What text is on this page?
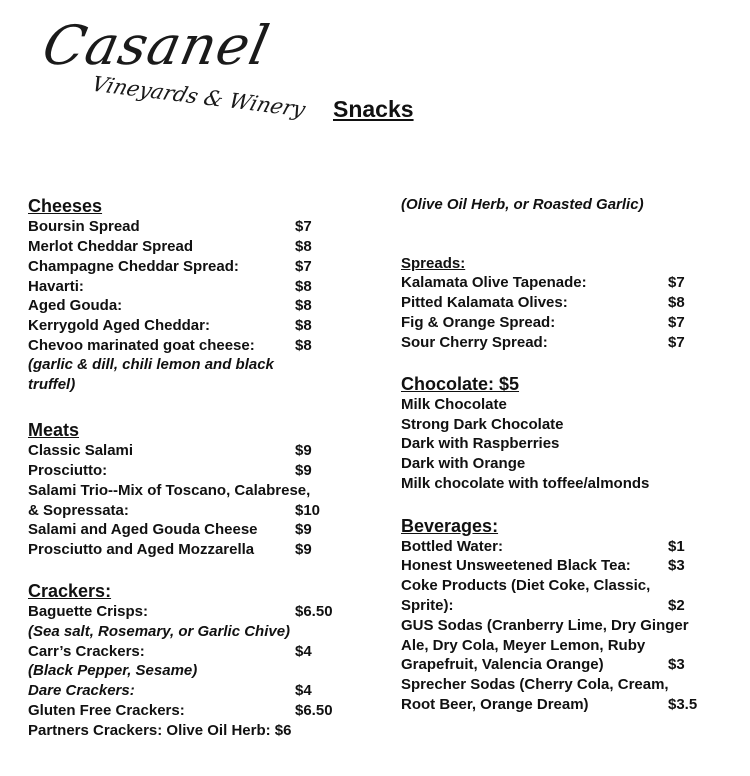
Casanel
Vineyards & Winery Snacks
Cheeses
Boursin Spread	$7
Merlot Cheddar Spread	$8
Champagne Cheddar Spread:	$7
Havarti:	$8
Aged Gouda:	$8
Kerrygold Aged Cheddar:	$8
Chevoo marinated goat cheese:	$8
(garlic & dill, chili lemon and black
truffel)
Meats
Classic Salami	$9
Prosciutto:	$9
Salami Trio--Mix of Toscano, Calabrese,
& Sopressata:	$10
Salami and Aged Gouda Cheese $9
Prosciutto and Aged Mozzarella	$9
Crackers:
Baguette Crisps:	$6.50
(Sea salt, Rosemary, or Garlic Chive)
Carr’s Crackers:	$4
(Black Pepper, Sesame)
Dare Crackers:	$4
Gluten Free Crackers:	$6.50
Partners Crackers: Olive Oil Herb: $6
(Olive Oil Herb, or Roasted Garlic)
Spreads:
Kalamata Olive Tapenade:	$7
Pitted Kalamata Olives:	$8
Fig & Orange Spread:	$7
Sour Cherry Spread:	$7
Chocolate: $5
Milk Chocolate
Strong Dark Chocolate
Dark with Raspberries
Dark with Orange
Milk chocolate with toffee/almonds
Beverages:
Bottled Water:	$1
Honest Unsweetened Black Tea: $3
Coke Products (Diet Coke, Classic,
Sprite):	$2
GUS Sodas (Cranberry Lime, Dry Ginger
Ale, Dry Cola, Meyer Lemon, Ruby
Grapefruit, Valencia Orange)	$3
Sprecher Sodas (Cherry Cola, Cream,
Root Beer, Orange Dream)	$3.5
